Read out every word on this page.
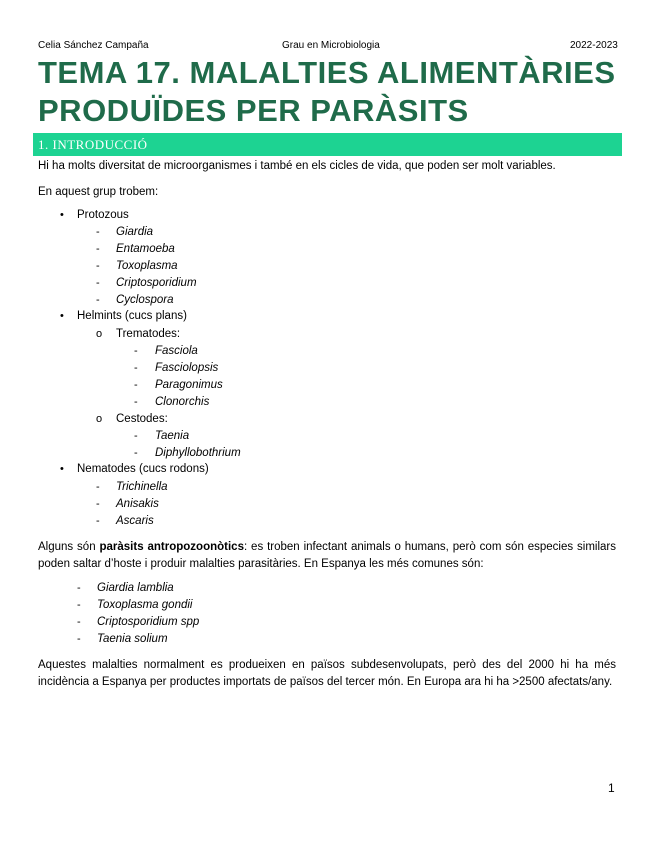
Celia Sánchez Campaña	Grau en Microbiologia	2022-2023
TEMA 17. MALALTIES ALIMENTÀRIES
PRODUÏDES PER PARÀSITS
1. INTRODUCCIÓ

Hi ha molts diversitat de microorganismes i també en els cicles de vida, que poden ser molt variables.

En aquest grup trobem:

• Protozous
- Giardia
- Entamoeba
- Toxoplasma
- Criptosporidium
- Cyclospora
• Helmints (cucs plans)
o Trematodes:
- Fasciola
- Fasciolopsis
- Paragonimus
- Clonorchis
o Cestodes:
- Taenia
- Diphyllobothrium
• Nematodes (cucs rodons)
- Trichinella
- Anisakis
- Ascaris

Alguns són paràsits antropozoonòtics: es troben infectant animals o humans, però com són especies similars poden saltar d’hoste i produir malalties parasitàries. En Espanya les més comunes són:

- Giardia lamblia
- Toxoplasma gondii
- Criptosporidium spp
- Taenia solium

Aquestes malalties normalment es produeixen en països subdesenvolupats, però des del 2000 hi ha més incidència a Espanya per productes importats de països del tercer món. En Europa ara hi ha >2500 afectats/any.

1
